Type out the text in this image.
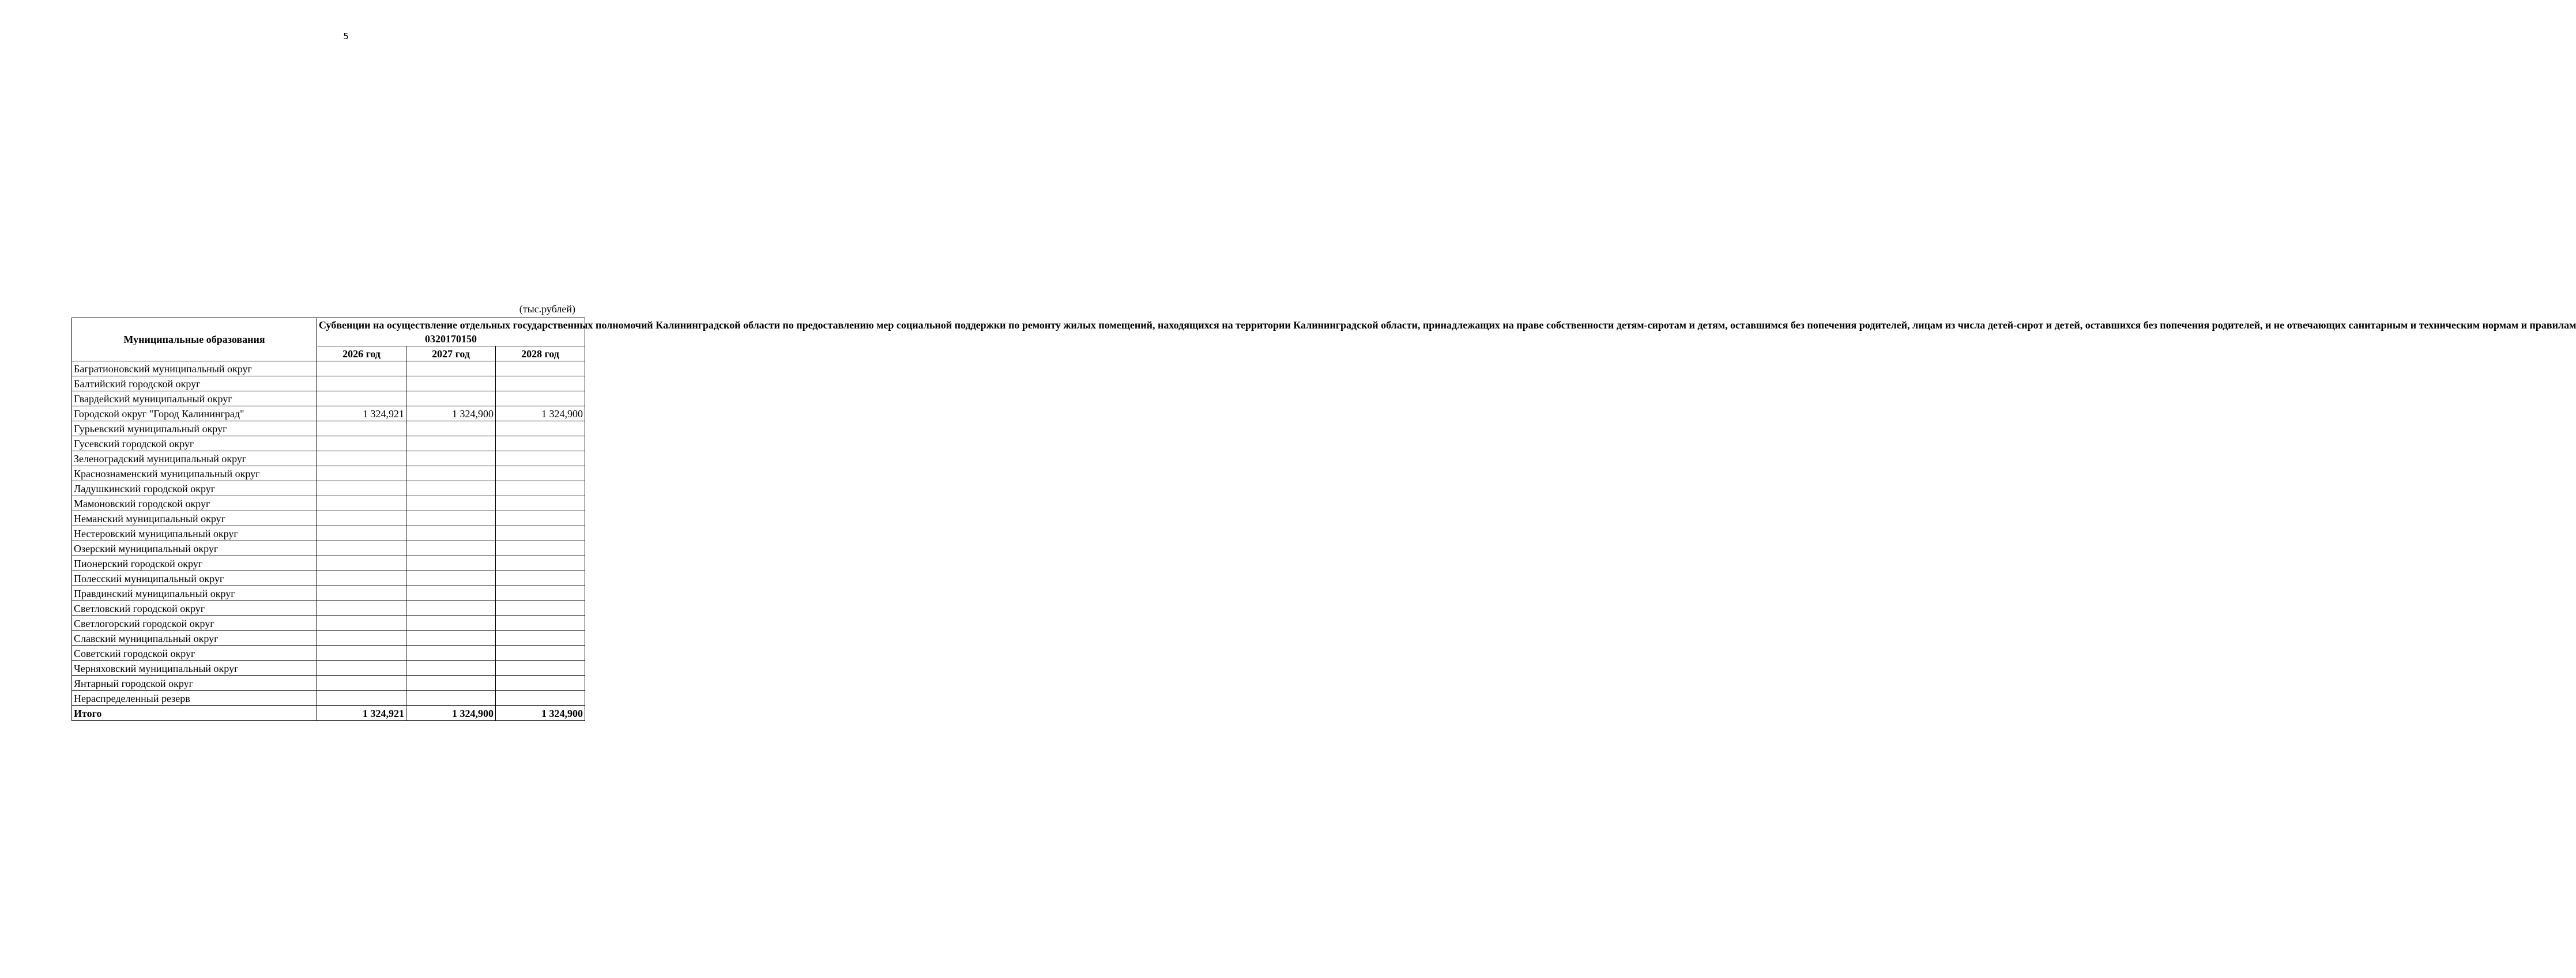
5
(тыс.рублей)
Муниципальные образования	Субвенции на осуществление отдельных государственных полномочий Калининградской области по предоставлению мер социальной поддержки по ремонту жилых помещений, находящихся на территории Калининградской области, принадлежащих на праве собственности детям-сиротам и детям, оставшимся без попечения родителей, лицам из числа детей-сирот и детей, оставшихся без попечения родителей, и не отвечающих санитарным и техническим нормам и правилам
0320170150		

	2026 год	2027 год	2028 год
Багратионовский муниципальный округ			
Балтийский городской округ			
Гвардейский муниципальный округ			
Городской округ "Город Калининград"	1 324,921	1 324,900	1 324,900
Гурьевский муниципальный округ			
Гусевский городской округ			
Зеленоградский муниципальный округ			
Краснознаменский муниципальный округ			
Ладушкинский городской округ			
Мамоновский городской округ			
Неманский муниципальный округ			
Нестеровский муниципальный округ			
Озерский муниципальный округ			
Пионерский городской округ			
Полесский муниципальный округ			
Правдинский муниципальный округ			
Светловский городской округ			
Светлогорский городской округ			
Славский муниципальный округ			
Советский городской округ			
Черняховский муниципальный округ			
Янтарный городской округ			
Нераспределенный резерв			
Итого	1 324,921	1 324,900	1 324,900
